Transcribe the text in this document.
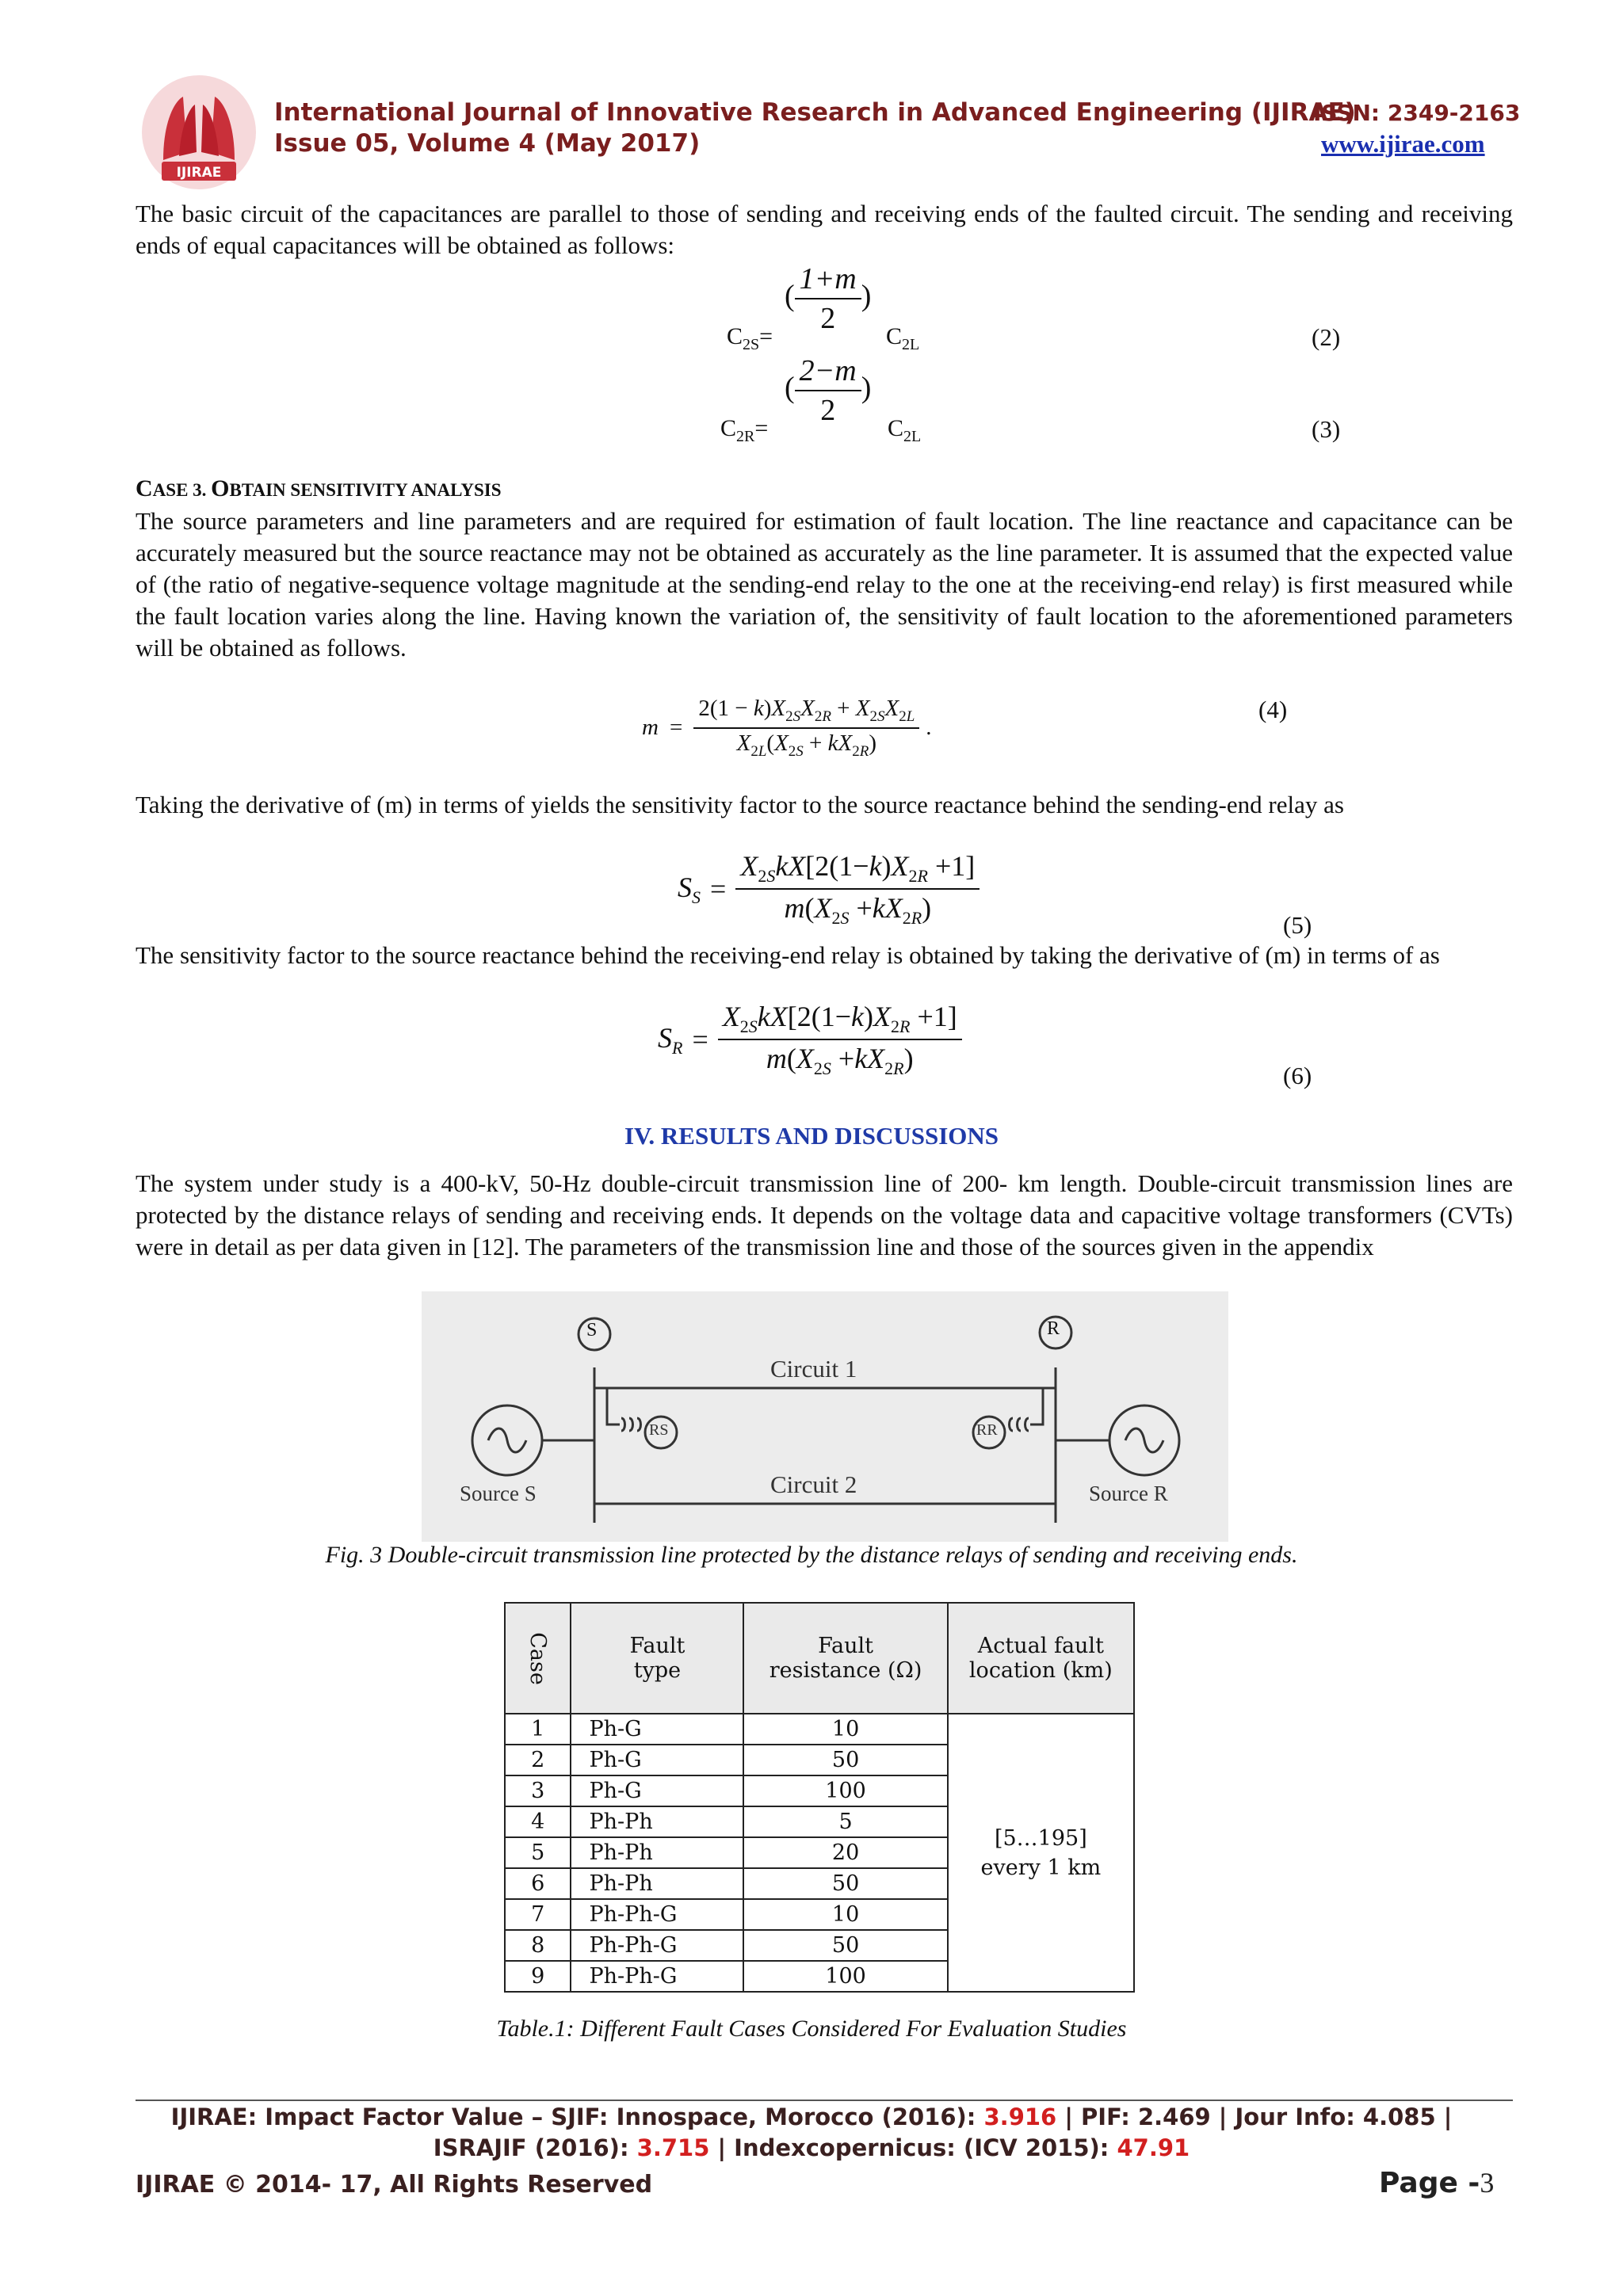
IJIRAE
International Journal of Innovative Research in Advanced Engineering (IJIRAE)
Issue 05, Volume 4 (May 2017)
ISSN: 2349-2163
www.ijirae.com
The basic circuit of the capacitances are parallel to those of sending and receiving ends of the faulted circuit. The sending and receiving ends of equal capacitances will be obtained as follows:
( $\frac{1+m}{2}$ )
$C_{2S}=$	$C_{2L}$	(2)
( $\frac{2-m}{2}$ )
$C_{2R}=$	$C_{2L}$	(3)
CASE 3. OBTAIN SENSITIVITY ANALYSIS
The source parameters and line parameters and are required for estimation of fault location. The line reactance and capacitance can be accurately measured but the source reactance may not be obtained as accurately as the line parameter. It is assumed that the expected value of (the ratio of negative-sequence voltage magnitude at the sending-end relay to the one at the receiving-end relay) is first measured while the fault location varies along the line. Having known the variation of, the sensitivity of fault location to the aforementioned parameters will be obtained as follows.
$m = \frac{2(1 - k)X_{2S}X_{2R} + X_{2S}X_{2L}}{X_{2L}(X_{2S} + kX_{2R})}$ .
(4)
Taking the derivative of (m) in terms of yields the sensitivity factor to the source reactance behind the sending-end relay as
$S_S = \frac{X_{2S}kX[2(1-k)X_{2R} +1]}{m(X_{2S} +kX_{2R})}$	(5)
The sensitivity factor to the source reactance behind the receiving-end relay is obtained by taking the derivative of (m) in terms of as
$S_R = \frac{X_{2S}kX[2(1-k)X_{2R} +1]}{m(X_{2S} +kX_{2R})}$	(6)
IV. RESULTS AND DISCUSSIONS
The system under study is a 400-kV, 50-Hz double-circuit transmission line of 200- km length. Double-circuit transmission lines are protected by the distance relays of sending and receiving ends. It depends on the voltage data and capacitive voltage transformers (CVTs) were in detail as per data given in [12]. The parameters of the transmission line and those of the sources given in the appendix
S	R
Circuit 1
Circuit 2
Source S	Source R
RS	RR
Fig. 3 Double-circuit transmission line protected by the distance relays of sending and receiving ends.
Case	Fault type	Fault resistance (Ω)	Actual fault location (km)
1	Ph-G	10	[5…195]
every 1 km

2	Ph-G	50	
3	Ph-G	100	
4	Ph-Ph	5	
5	Ph-Ph	20	
6	Ph-Ph	50	
7	Ph-Ph-G	10	
8	Ph-Ph-G	50	
9	Ph-Ph-G	100	
Table.1: Different Fault Cases Considered For Evaluation Studies
IJIRAE: Impact Factor Value – SJIF: Innospace, Morocco (2016): 3.916 | PIF: 2.469 | Jour Info: 4.085 |
ISRAJIF (2016): 3.715 | Indexcopernicus: (ICV 2015): 47.91
IJIRAE © 2014- 17, All Rights Reserved	Page -3
